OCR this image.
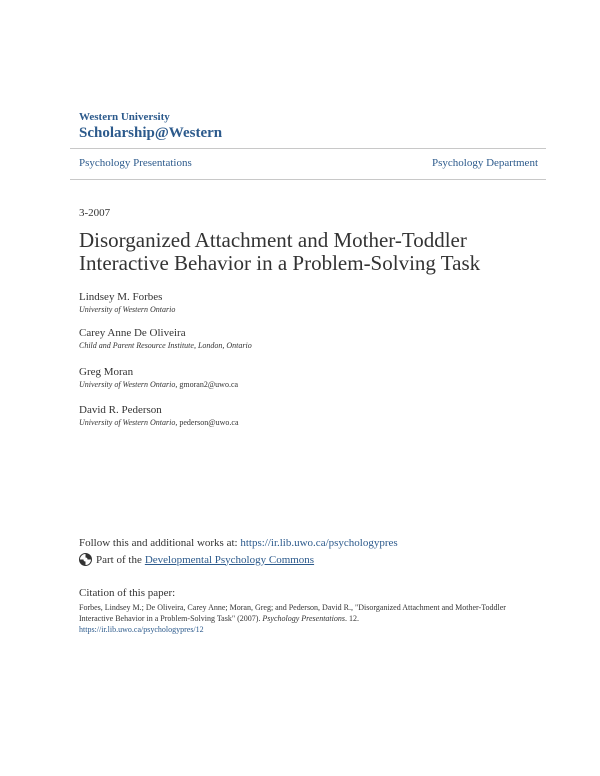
Western University
Scholarship@Western
Psychology Presentations	Psychology Department
3-2007
Disorganized Attachment and Mother-Toddler Interactive Behavior in a Problem-Solving Task
Lindsey M. Forbes
University of Western Ontario
Carey Anne De Oliveira
Child and Parent Resource Institute, London, Ontario
Greg Moran
University of Western Ontario, gmoran2@uwo.ca
David R. Pederson
University of Western Ontario, pederson@uwo.ca
Follow this and additional works at: https://ir.lib.uwo.ca/psychologypres
Part of the Developmental Psychology Commons
Citation of this paper:
Forbes, Lindsey M.; De Oliveira, Carey Anne; Moran, Greg; and Pederson, David R., "Disorganized Attachment and Mother-Toddler Interactive Behavior in a Problem-Solving Task" (2007). Psychology Presentations. 12.
https://ir.lib.uwo.ca/psychologypres/12
